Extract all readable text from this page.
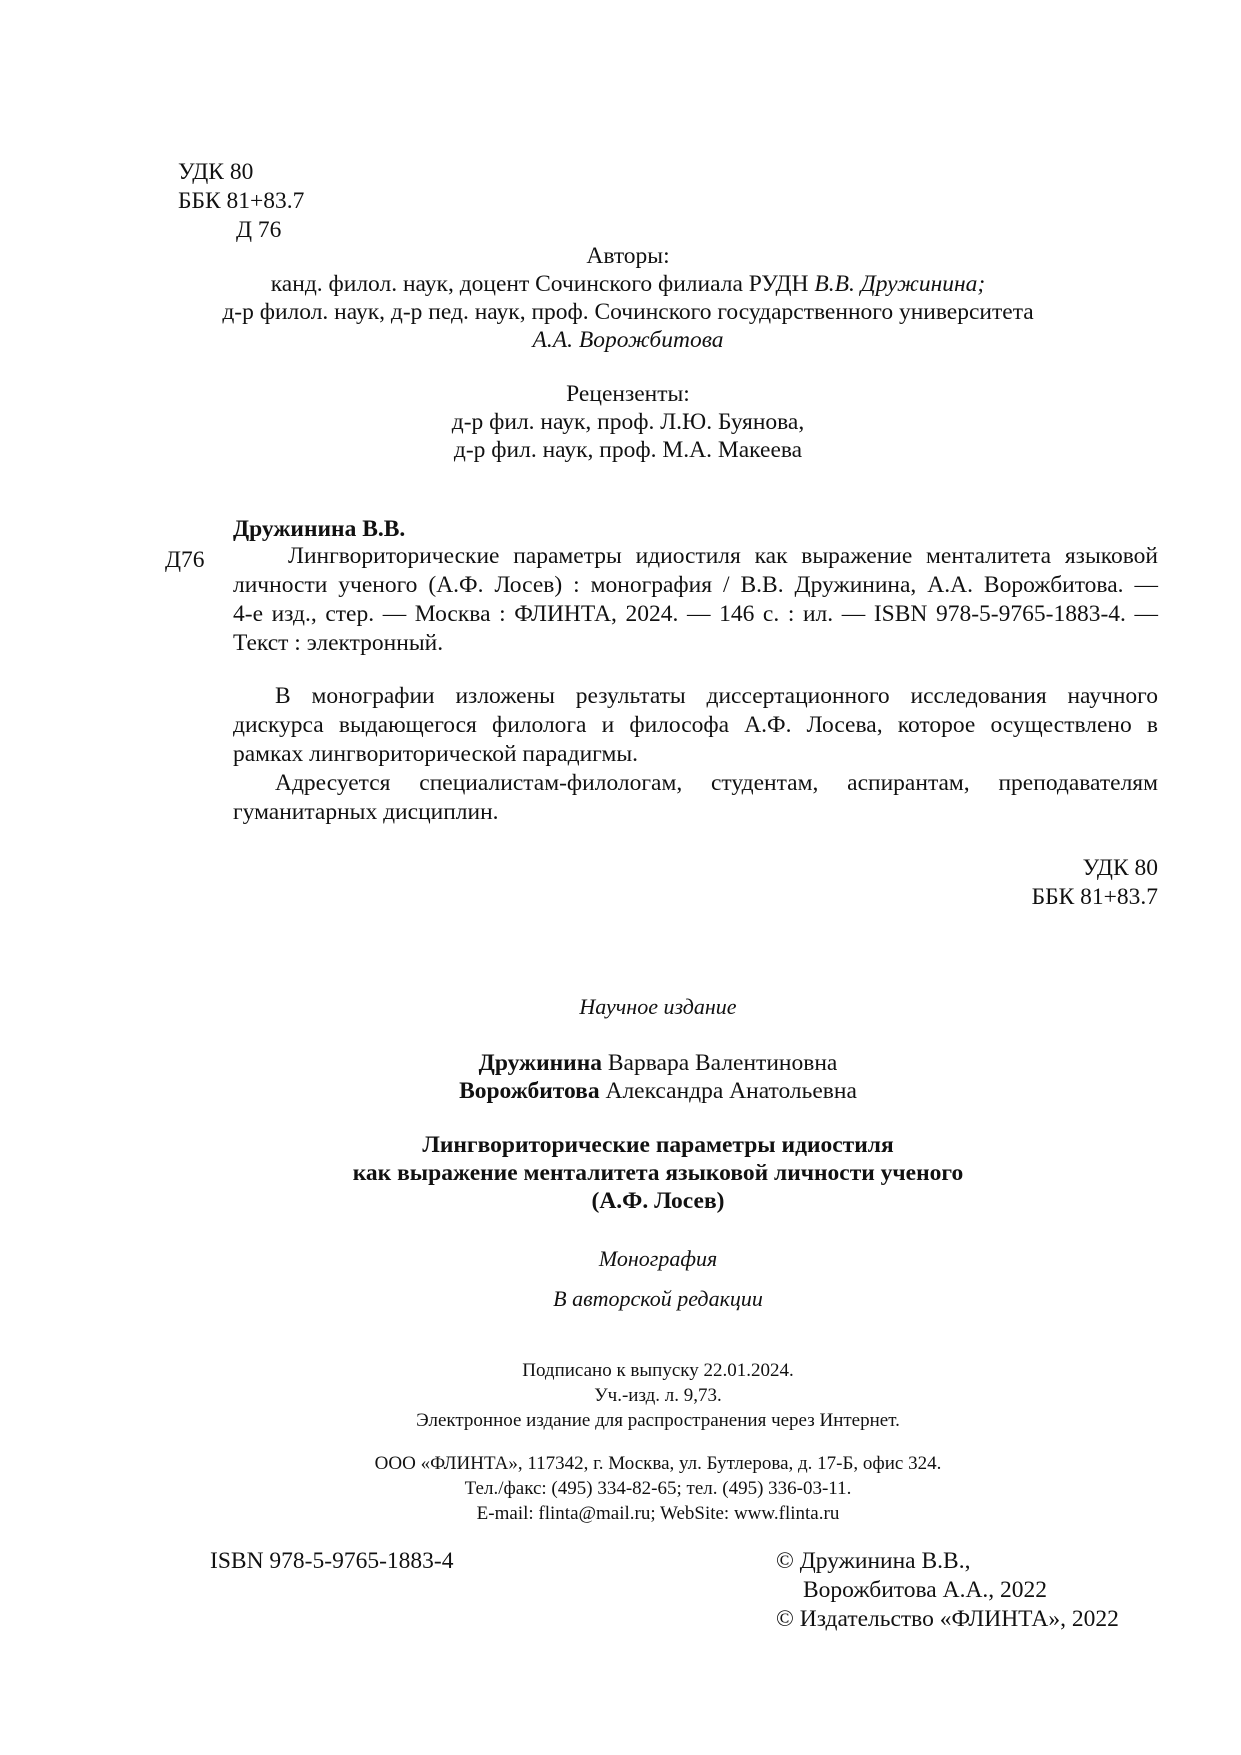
УДК 80
ББК 81+83.7
Д 76
Авторы:
канд. филол. наук, доцент Сочинского филиала РУДН В.В. Дружинина;
д-р филол. наук, д-р пед. наук, проф. Сочинского государственного университета
А.А. Ворожбитова
Рецензенты:
д-р фил. наук, проф. Л.Ю. Буянова,
д-р фил. наук, проф. М.А. Макеева
Дружинина В.В.
Д76	Лингвориторические параметры идиостиля как выражение менталитета языковой
личности ученого (А.Ф. Лосев) : монография / В.В. Дружинина, А.А. Ворожбитова. —
4-е изд., стер. — Москва : ФЛИНТА, 2024. — 146 с. : ил. — ISBN 978-5-9765-1883-4. —
Текст : электронный.
В монографии изложены результаты диссертационного исследования научного
дискурса выдающегося филолога и философа А.Ф. Лосева, которое осуществлено в
рамках лингвориторической парадигмы.
Адресуется специалистам-филологам, студентам, аспирантам, преподавателям
гуманитарных дисциплин.
УДК 80
ББК 81+83.7
Научное издание
Дружинина Варвара Валентиновна
Ворожбитова Александра Анатольевна
Лингвориторические параметры идиостиля
как выражение менталитета языковой личности ученого
(А.Ф. Лосев)
Монография
В авторской редакции
Подписано к выпуску 22.01.2024.
Уч.-изд. л. 9,73.
Электронное издание для распространения через Интернет.
ООО «ФЛИНТА», 117342, г. Москва, ул. Бутлерова, д. 17-Б, офис 324.
Тел./факс: (495) 334-82-65; тел. (495) 336-03-11.
E-mail: flinta@mail.ru; WebSite: www.flinta.ru
ISBN 978-5-9765-1883-4	© Дружинина В.В.,
Ворожбитова А.А., 2022
© Издательство «ФЛИНТА», 2022
